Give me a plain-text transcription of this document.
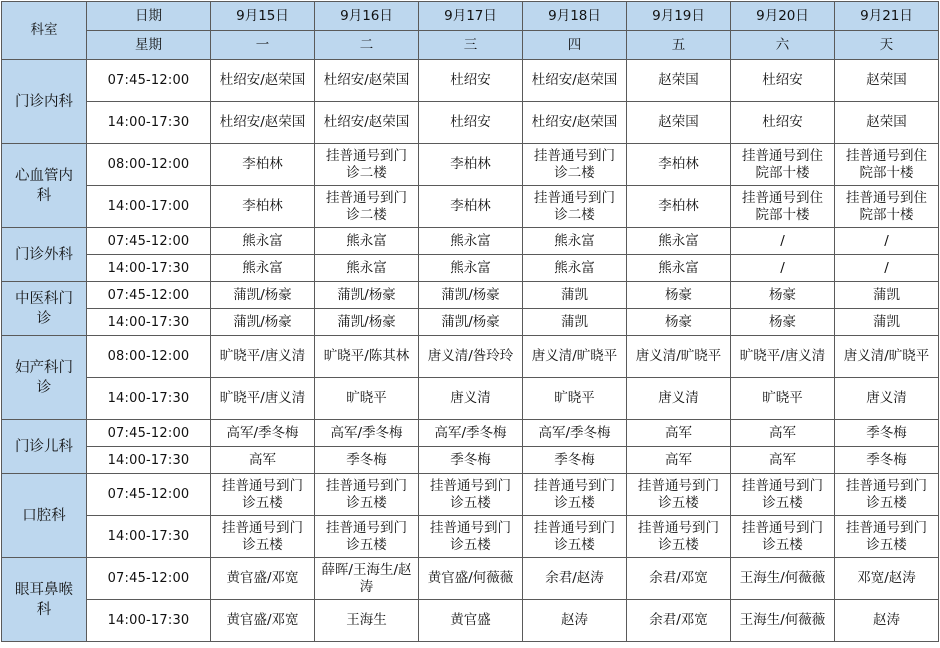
科室	日期	9月15日	9月16日	9月17日	9月18日	9月19日	9月20日	9月21日
	星期	一	二	三	四	五	六	天
门诊内科	07:45-12:00	杜绍安/赵荣国	杜绍安/赵荣国	杜绍安	杜绍安/赵荣国	赵荣国	杜绍安	赵荣国
	14:00-17:30	杜绍安/赵荣国	杜绍安/赵荣国	杜绍安	杜绍安/赵荣国	赵荣国	杜绍安	赵荣国
心血管内科	08:00-12:00	李柏林	挂普通号到门诊二楼	李柏林	挂普通号到门诊二楼	李柏林	挂普通号到住院部十楼	挂普通号到住院部十楼
	14:00-17:00	李柏林	挂普通号到门诊二楼	李柏林	挂普通号到门诊二楼	李柏林	挂普通号到住院部十楼	挂普通号到住院部十楼
门诊外科	07:45-12:00	熊永富	熊永富	熊永富	熊永富	熊永富	/	/
	14:00-17:30	熊永富	熊永富	熊永富	熊永富	熊永富	/	/
中医科门诊	07:45-12:00	蒲凯/杨豪	蒲凯/杨豪	蒲凯/杨豪	蒲凯	杨豪	杨豪	蒲凯
	14:00-17:30	蒲凯/杨豪	蒲凯/杨豪	蒲凯/杨豪	蒲凯	杨豪	杨豪	蒲凯
妇产科门诊	08:00-12:00	旷晓平/唐义清	旷晓平/陈其林	唐义清/昝玲玲	唐义清/旷晓平	唐义清/旷晓平	旷晓平/唐义清	唐义清/旷晓平
	14:00-17:30	旷晓平/唐义清	旷晓平	唐义清	旷晓平	唐义清	旷晓平	唐义清
门诊儿科	07:45-12:00	高军/季冬梅	高军/季冬梅	高军/季冬梅	高军/季冬梅	高军	高军	季冬梅
	14:00-17:30	高军	季冬梅	季冬梅	季冬梅	高军	高军	季冬梅
口腔科	07:45-12:00	挂普通号到门诊五楼	挂普通号到门诊五楼	挂普通号到门诊五楼	挂普通号到门诊五楼	挂普通号到门诊五楼	挂普通号到门诊五楼	挂普通号到门诊五楼
	14:00-17:30	挂普通号到门诊五楼	挂普通号到门诊五楼	挂普通号到门诊五楼	挂普通号到门诊五楼	挂普通号到门诊五楼	挂普通号到门诊五楼	挂普通号到门诊五楼
眼耳鼻喉科	07:45-12:00	黄官盛/邓宽	薛晖/王海生/赵涛	黄官盛/何薇薇	余君/赵涛	余君/邓宽	王海生/何薇薇	邓宽/赵涛
	14:00-17:30	黄官盛/邓宽	王海生	黄官盛	赵涛	余君/邓宽	王海生/何薇薇	赵涛
